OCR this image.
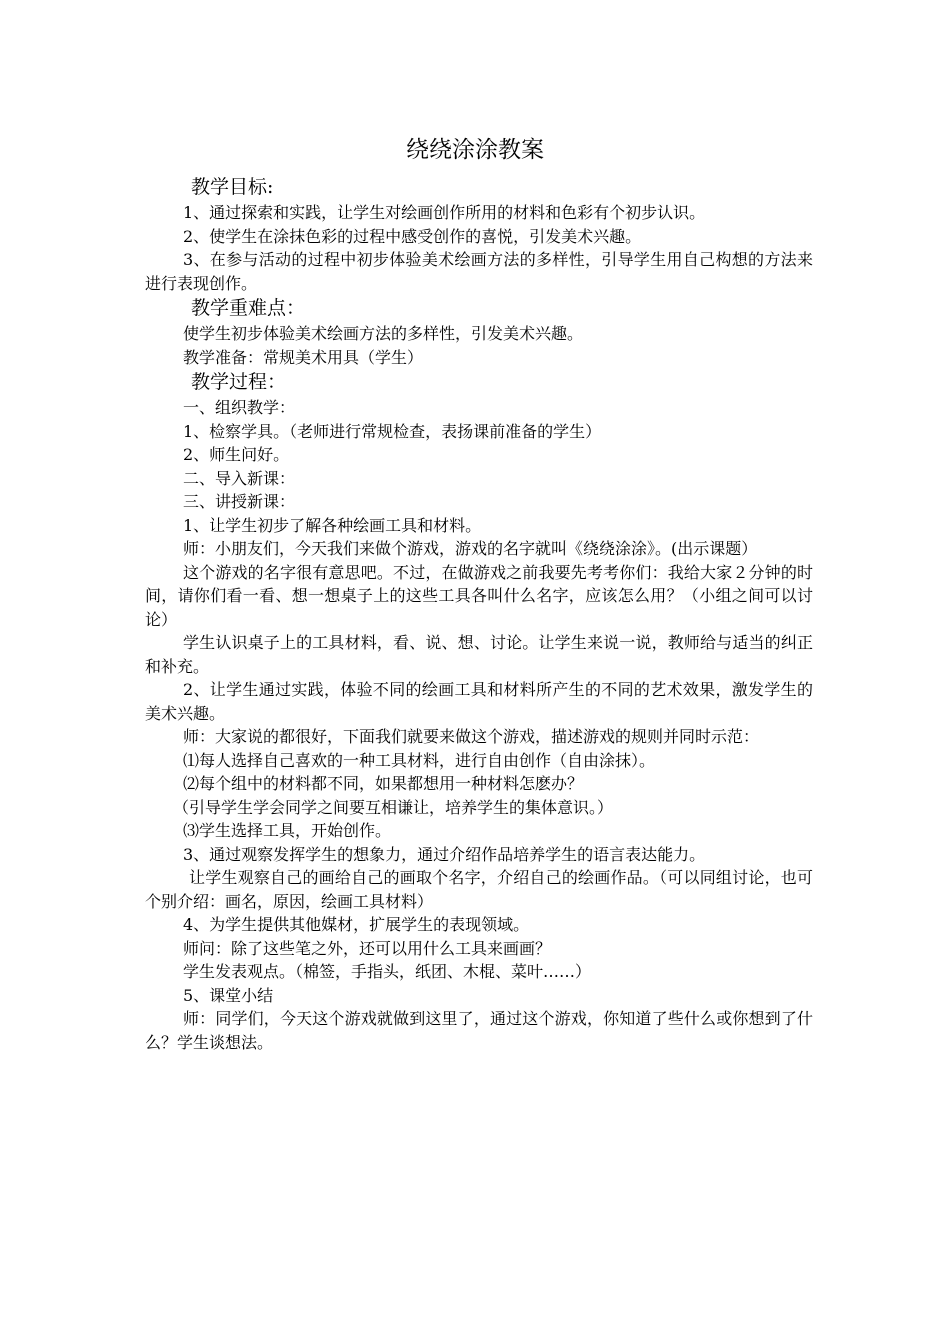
绕绕涂涂教案
教学目标:
1、通过探索和实践，让学生对绘画创作所用的材料和色彩有个初步认识。
2、使学生在涂抹色彩的过程中感受创作的喜悦，引发美术兴趣。
3、在参与活动的过程中初步体验美术绘画方法的多样性，引导学生用自己构想的方法来进行表现创作。
教学重难点：
使学生初步体验美术绘画方法的多样性，引发美术兴趣。
教学准备：常规美术用具（学生）
教学过程：
一、组织教学：
1、检察学具。（老师进行常规检查，表扬课前准备的学生）
2、师生问好。
二、导入新课：
三、讲授新课：
1、让学生初步了解各种绘画工具和材料。
师：小朋友们，今天我们来做个游戏，游戏的名字就叫《绕绕涂涂》。(出示课题）
这个游戏的名字很有意思吧。不过，在做游戏之前我要先考考你们：我给大家２分钟的时间，请你们看一看、想一想桌子上的这些工具各叫什么名字，应该怎么用？（小组之间可以讨论）
学生认识桌子上的工具材料，看、说、想、讨论。让学生来说一说，教师给与适当的纠正和补充。
2、让学生通过实践，体验不同的绘画工具和材料所产生的不同的艺术效果，激发学生的美术兴趣。
师：大家说的都很好，下面我们就要来做这个游戏，描述游戏的规则并同时示范：
⑴每人选择自己喜欢的一种工具材料，进行自由创作（自由涂抹）。
⑵每个组中的材料都不同，如果都想用一种材料怎麽办？
（引导学生学会同学之间要互相谦让，培养学生的集体意识。）
⑶学生选择工具，开始创作。
3、通过观察发挥学生的想象力，通过介绍作品培养学生的语言表达能力。
让学生观察自己的画给自己的画取个名字，介绍自己的绘画作品。（可以同组讨论，也可个别介绍：画名，原因，绘画工具材料）
4、为学生提供其他媒材，扩展学生的表现领域。
师问：除了这些笔之外，还可以用什么工具来画画？
学生发表观点。（棉签，手指头，纸团、木棍、菜叶……）
5、课堂小结
师：同学们，今天这个游戏就做到这里了，通过这个游戏，你知道了些什么或你想到了什么？学生谈想法。
